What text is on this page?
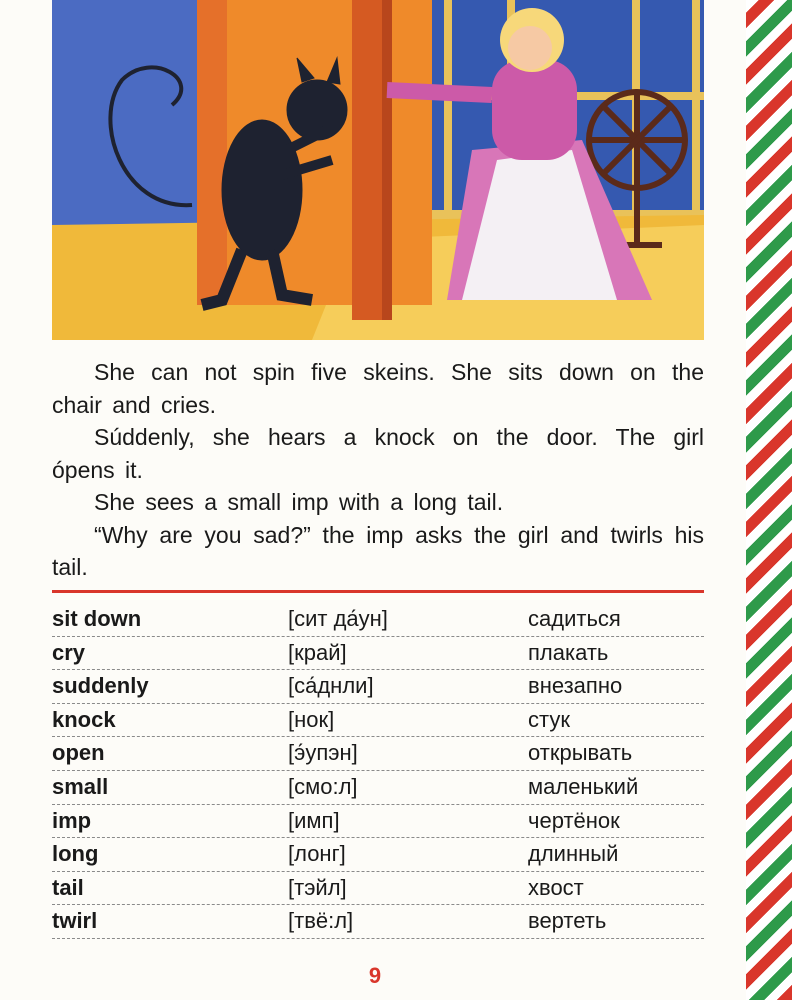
She can not spin five skeins. She sits down on the chair and cries.

Súddenly, she hears a knock on the door. The girl ópens it.

She sees a small imp with a long tail.

“Why are you sad?” the imp asks the girl and twirls his tail.

sit down	[сит да́ун]	садиться
cry	[край]	плакать
suddenly	[са́днли]	внезапно
knock	[нок]	стук
open	[э́упэн]	открывать
small	[смо:л]	маленький
imp	[имп]	чертёнок
long	[лонг]	длинный
tail	[тэйл]	хвост
twirl	[твё:л]	вертеть
9
